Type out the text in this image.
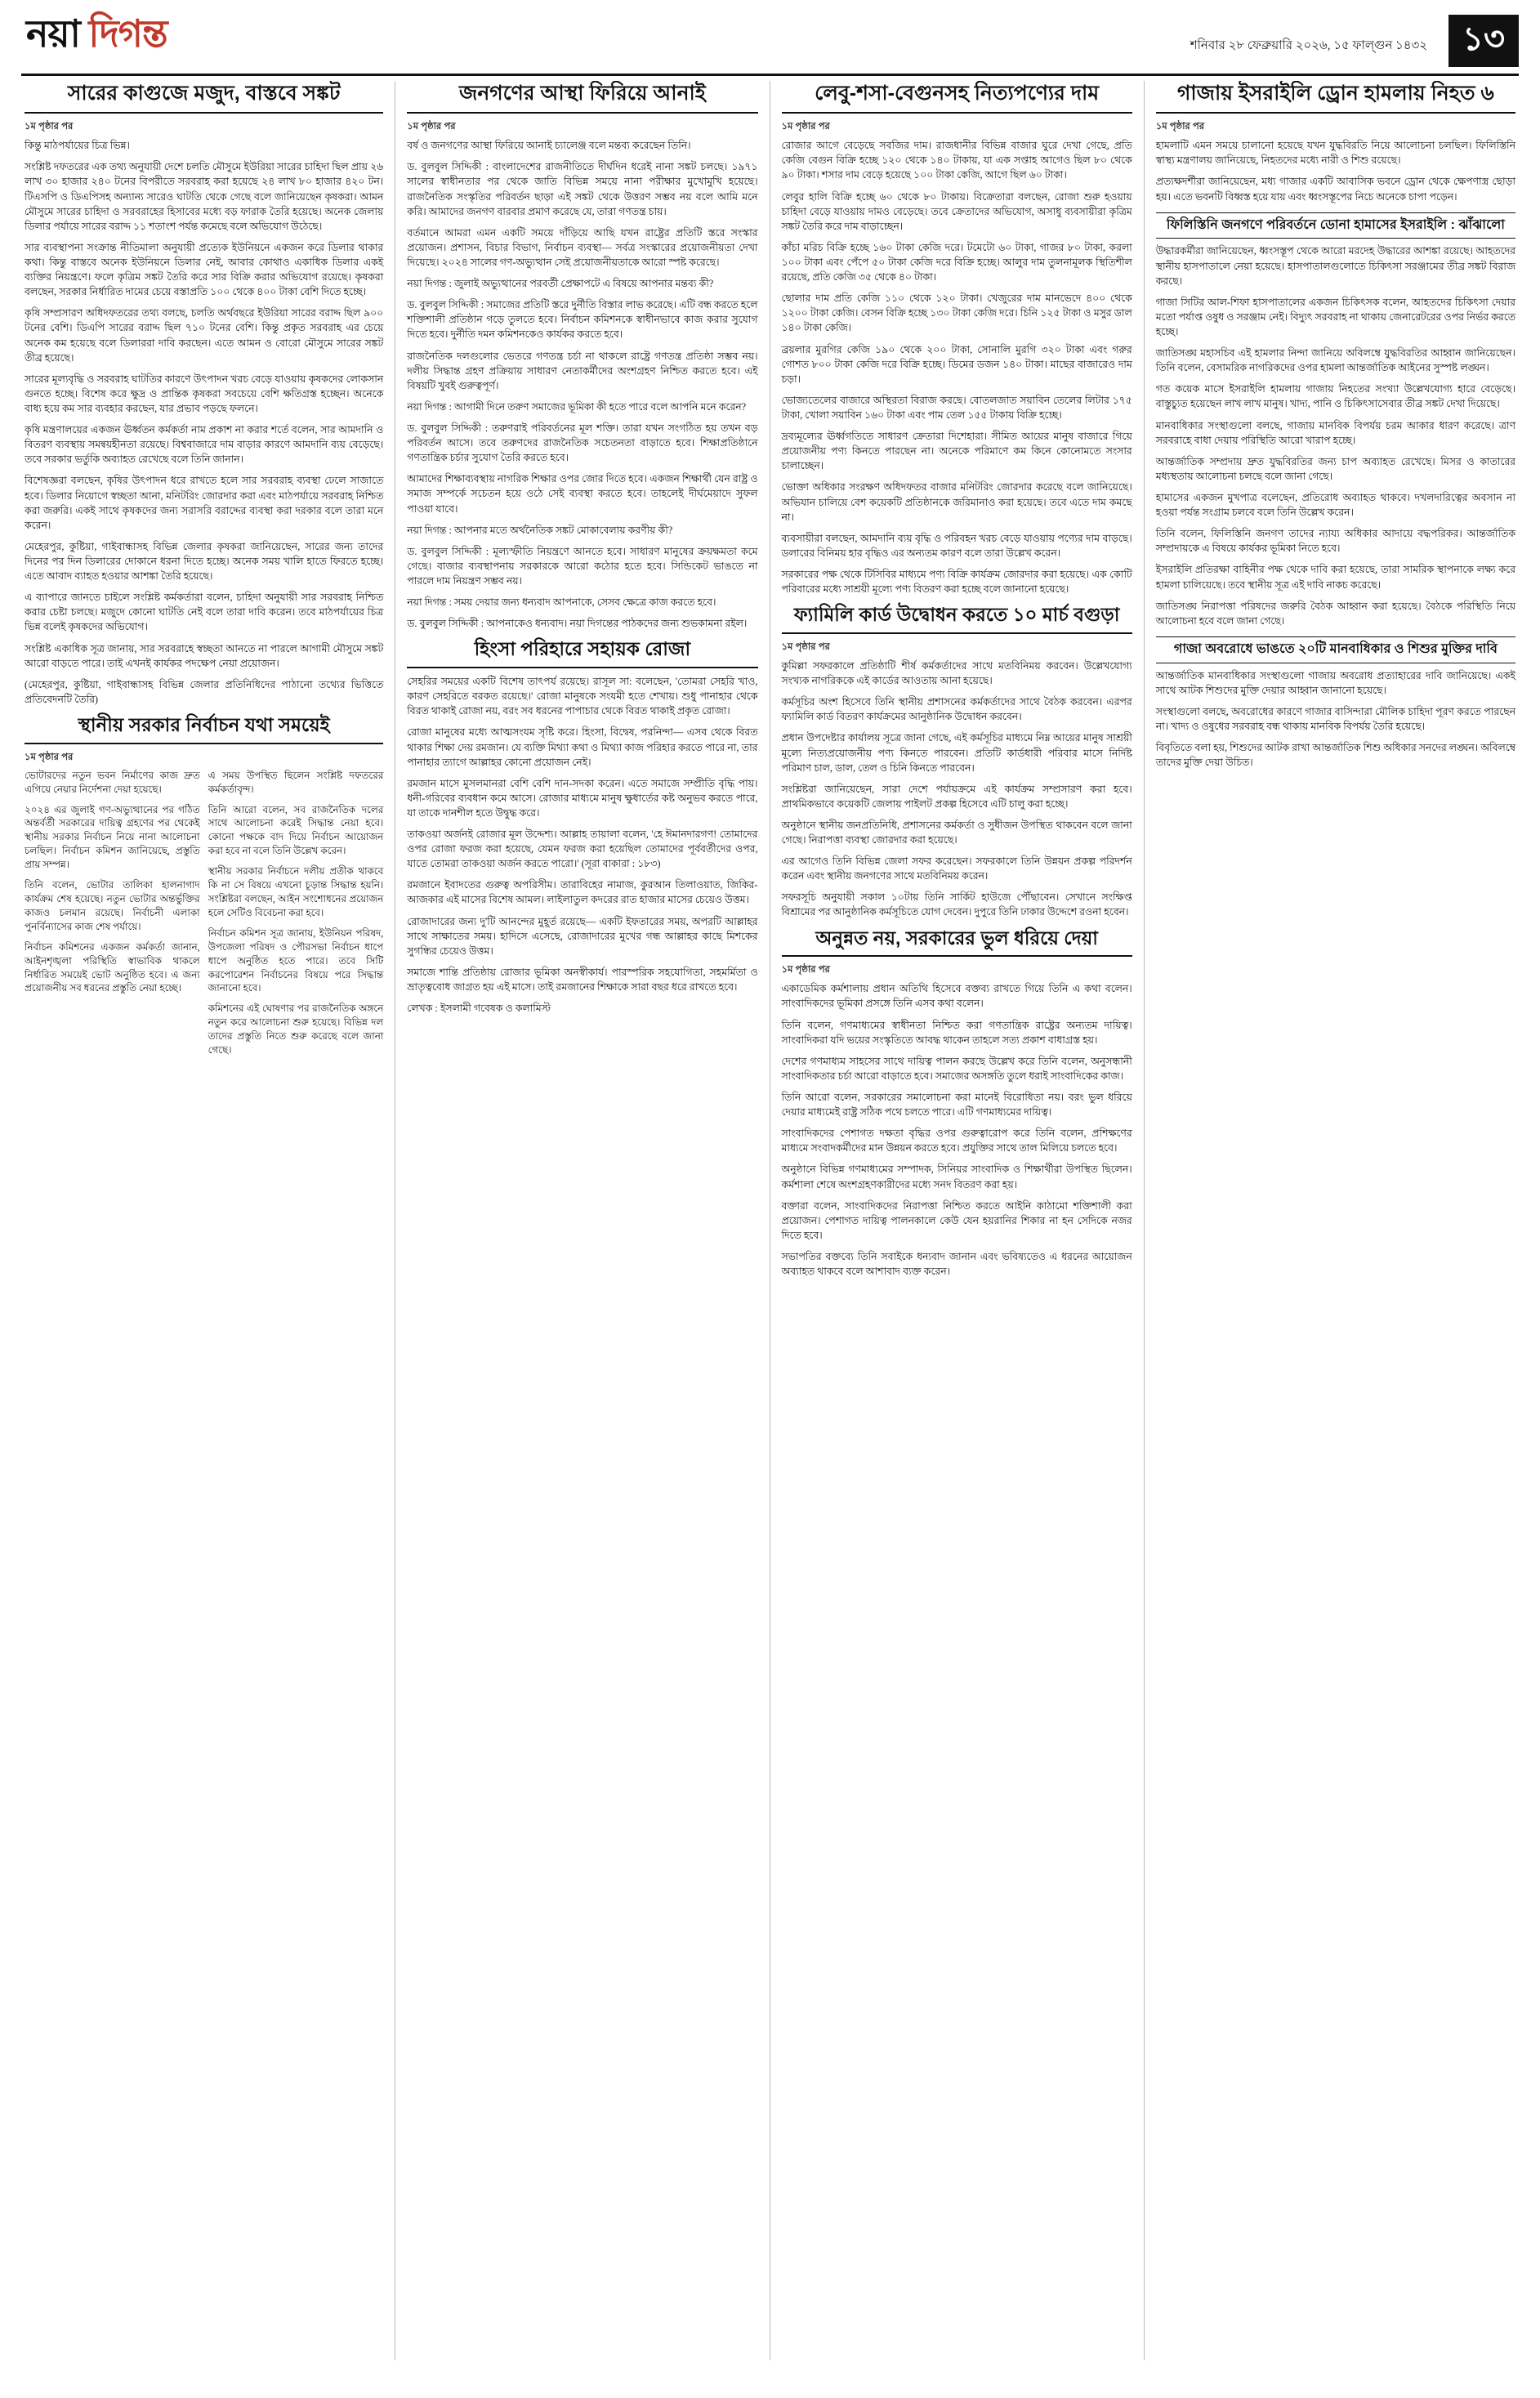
নয়া দিগন্ত	শনিবার ২৮ ফেব্রুয়ারি ২০২৬, ১৫ ফাল্গুন ১৪৩২	১৩
সারের কাগুজে মজুদ, বাস্তবে সঙ্কট

১ম পৃষ্ঠার পর

কিন্তু মাঠপর্যায়ের চিত্র ভিন্ন।

সংশ্লিষ্ট দফতরের এক তথ্য অনুযায়ী দেশে চলতি মৌসুমে ইউরিয়া সারের চাহিদা ছিল প্রায় ২৬ লাখ ৩০ হাজার ২৪০ টনের বিপরীতে সরবরাহ করা হয়েছে ২৪ লাখ ৮০ হাজার ৪২০ টন। টিএসপি ও ডিএপিসহ অন্যান্য সারেও ঘাটতি থেকে গেছে বলে জানিয়েছেন কৃষকরা। আমন মৌসুমে সারের চাহিদা ও সরবরাহের হিসাবের মধ্যে বড় ফারাক তৈরি হয়েছে। অনেক জেলায় ডিলার পর্যায়ে সারের বরাদ্দ ১১ শতাংশ পর্যন্ত কমেছে বলে অভিযোগ উঠেছে।

সার ব্যবস্থাপনা সংক্রান্ত নীতিমালা অনুযায়ী প্রত্যেক ইউনিয়নে একজন করে ডিলার থাকার কথা। কিন্তু বাস্তবে অনেক ইউনিয়নে ডিলার নেই, আবার কোথাও একাধিক ডিলার একই ব্যক্তির নিয়ন্ত্রণে। ফলে কৃত্রিম সঙ্কট তৈরি করে সার বিক্রি করার অভিযোগ রয়েছে। কৃষকরা বলছেন, সরকার নির্ধারিত দামের চেয়ে বস্তাপ্রতি ১০০ থেকে ৪০০ টাকা বেশি দিতে হচ্ছে।

কৃষি সম্প্রসারণ অধিদফতরের তথ্য বলছে, চলতি অর্থবছরে ইউরিয়া সারের বরাদ্দ ছিল ৯০০ টনের বেশি। ডিএপি সারের বরাদ্দ ছিল ৭১০ টনের বেশি। কিন্তু প্রকৃত সরবরাহ এর চেয়ে অনেক কম হয়েছে বলে ডিলাররা দাবি করছেন। এতে আমন ও বোরো মৌসুমে সারের সঙ্কট তীব্র হয়েছে।

সারের মূল্যবৃদ্ধি ও সরবরাহ ঘাটতির কারণে উৎপাদন খরচ বেড়ে যাওয়ায় কৃষকদের লোকসান গুনতে হচ্ছে। বিশেষ করে ক্ষুদ্র ও প্রান্তিক কৃষকরা সবচেয়ে বেশি ক্ষতিগ্রস্ত হচ্ছেন। অনেকে বাধ্য হয়ে কম সার ব্যবহার করছেন, যার প্রভাব পড়ছে ফলনে।

কৃষি মন্ত্রণালয়ের একজন ঊর্ধ্বতন কর্মকর্তা নাম প্রকাশ না করার শর্তে বলেন, সার আমদানি ও বিতরণ ব্যবস্থায় সমন্বয়হীনতা রয়েছে। বিশ্ববাজারে দাম বাড়ার কারণে আমদানি ব্যয় বেড়েছে। তবে সরকার ভর্তুকি অব্যাহত রেখেছে বলে তিনি জানান।

বিশেষজ্ঞরা বলছেন, কৃষির উৎপাদন ধরে রাখতে হলে সার সরবরাহ ব্যবস্থা ঢেলে সাজাতে হবে। ডিলার নিয়োগে স্বচ্ছতা আনা, মনিটরিং জোরদার করা এবং মাঠপর্যায়ে সরবরাহ নিশ্চিত করা জরুরি। একই সাথে কৃষকদের জন্য সরাসরি বরাদ্দের ব্যবস্থা করা দরকার বলে তারা মনে করেন।

মেহেরপুর, কুষ্টিয়া, গাইবান্ধাসহ বিভিন্ন জেলার কৃষকরা জানিয়েছেন, সারের জন্য তাদের দিনের পর দিন ডিলারের দোকানে ধরনা দিতে হচ্ছে। অনেক সময় খালি হাতে ফিরতে হচ্ছে। এতে আবাদ ব্যাহত হওয়ার আশঙ্কা তৈরি হয়েছে।

এ ব্যাপারে জানতে চাইলে সংশ্লিষ্ট কর্মকর্তারা বলেন, চাহিদা অনুযায়ী সার সরবরাহ নিশ্চিত করার চেষ্টা চলছে। মজুদে কোনো ঘাটতি নেই বলে তারা দাবি করেন। তবে মাঠপর্যায়ের চিত্র ভিন্ন বলেই কৃষকদের অভিযোগ।

সংশ্লিষ্ট একাধিক সূত্র জানায়, সার সরবরাহে স্বচ্ছতা আনতে না পারলে আগামী মৌসুমে সঙ্কট আরো বাড়তে পারে। তাই এখনই কার্যকর পদক্ষেপ নেয়া প্রয়োজন।

(মেহেরপুর, কুষ্টিয়া, গাইবান্ধাসহ বিভিন্ন জেলার প্রতিনিধিদের পাঠানো তথ্যের ভিত্তিতে প্রতিবেদনটি তৈরি)

স্থানীয় সরকার নির্বাচন যথা সময়েই

১ম পৃষ্ঠার পর

ভোটারদের নতুন ভবন নির্মাণের কাজ দ্রুত এগিয়ে নেয়ার নির্দেশনা দেয়া হয়েছে।

২০২৪ এর জুলাই গণ-অভ্যুত্থানের পর গঠিত অন্তর্বর্তী সরকারের দায়িত্ব গ্রহণের পর থেকেই স্থানীয় সরকার নির্বাচন নিয়ে নানা আলোচনা চলছিল। নির্বাচন কমিশন জানিয়েছে, প্রস্তুতি প্রায় সম্পন্ন।

তিনি বলেন, ভোটার তালিকা হালনাগাদ কার্যক্রম শেষ হয়েছে। নতুন ভোটার অন্তর্ভুক্তির কাজও চলমান রয়েছে। নির্বাচনী এলাকা পুনর্বিন্যাসের কাজ শেষ পর্যায়ে।

নির্বাচন কমিশনের একজন কর্মকর্তা জানান, আইনশৃঙ্খলা পরিস্থিতি স্বাভাবিক থাকলে নির্ধারিত সময়েই ভোট অনুষ্ঠিত হবে। এ জন্য প্রয়োজনীয় সব ধরনের প্রস্তুতি নেয়া হচ্ছে।

এ সময় উপস্থিত ছিলেন সংশ্লিষ্ট দফতরের কর্মকর্তাবৃন্দ।

তিনি আরো বলেন, সব রাজনৈতিক দলের সাথে আলোচনা করেই সিদ্ধান্ত নেয়া হবে। কোনো পক্ষকে বাদ দিয়ে নির্বাচন আয়োজন করা হবে না বলে তিনি উল্লেখ করেন।

স্থানীয় সরকার নির্বাচনে দলীয় প্রতীক থাকবে কি না সে বিষয়ে এখনো চূড়ান্ত সিদ্ধান্ত হয়নি। সংশ্লিষ্টরা বলছেন, আইন সংশোধনের প্রয়োজন হলে সেটিও বিবেচনা করা হবে।

নির্বাচন কমিশন সূত্র জানায়, ইউনিয়ন পরিষদ, উপজেলা পরিষদ ও পৌরসভা নির্বাচন ধাপে ধাপে অনুষ্ঠিত হতে পারে। তবে সিটি করপোরেশন নির্বাচনের বিষয়ে পরে সিদ্ধান্ত জানানো হবে।

কমিশনের এই ঘোষণার পর রাজনৈতিক অঙ্গনে নতুন করে আলোচনা শুরু হয়েছে। বিভিন্ন দল তাদের প্রস্তুতি নিতে শুরু করেছে বলে জানা গেছে।

জনগণের আস্থা ফিরিয়ে আনাই

১ম পৃষ্ঠার পর

বর্ষ ও জনগণের আস্থা ফিরিয়ে আনাই চ্যালেঞ্জ বলে মন্তব্য করেছেন তিনি।

ড. বুলবুল সিদ্দিকী : বাংলাদেশের রাজনীতিতে দীর্ঘদিন ধরেই নানা সঙ্কট চলছে। ১৯৭১ সালের স্বাধীনতার পর থেকে জাতি বিভিন্ন সময়ে নানা পরীক্ষার মুখোমুখি হয়েছে। রাজনৈতিক সংস্কৃতির পরিবর্তন ছাড়া এই সঙ্কট থেকে উত্তরণ সম্ভব নয় বলে আমি মনে করি। আমাদের জনগণ বারবার প্রমাণ করেছে যে, তারা গণতন্ত্র চায়।

বর্তমানে আমরা এমন একটি সময়ে দাঁড়িয়ে আছি যখন রাষ্ট্রের প্রতিটি স্তরে সংস্কার প্রয়োজন। প্রশাসন, বিচার বিভাগ, নির্বাচন ব্যবস্থা— সর্বত্র সংস্কারের প্রয়োজনীয়তা দেখা দিয়েছে। ২০২৪ সালের গণ-অভ্যুত্থান সেই প্রয়োজনীয়তাকে আরো স্পষ্ট করেছে।

নয়া দিগন্ত : জুলাই অভ্যুত্থানের পরবর্তী প্রেক্ষাপটে এ বিষয়ে আপনার মন্তব্য কী?

ড. বুলবুল সিদ্দিকী : সমাজের প্রতিটি স্তরে দুর্নীতি বিস্তার লাভ করেছে। এটি বন্ধ করতে হলে শক্তিশালী প্রতিষ্ঠান গড়ে তুলতে হবে। নির্বাচন কমিশনকে স্বাধীনভাবে কাজ করার সুযোগ দিতে হবে। দুর্নীতি দমন কমিশনকেও কার্যকর করতে হবে।

রাজনৈতিক দলগুলোর ভেতরে গণতন্ত্র চর্চা না থাকলে রাষ্ট্রে গণতন্ত্র প্রতিষ্ঠা সম্ভব নয়। দলীয় সিদ্ধান্ত গ্রহণ প্রক্রিয়ায় সাধারণ নেতাকর্মীদের অংশগ্রহণ নিশ্চিত করতে হবে। এই বিষয়টি খুবই গুরুত্বপূর্ণ।

নয়া দিগন্ত : আগামী দিনে তরুণ সমাজের ভূমিকা কী হতে পারে বলে আপনি মনে করেন?

ড. বুলবুল সিদ্দিকী : তরুণরাই পরিবর্তনের মূল শক্তি। তারা যখন সংগঠিত হয় তখন বড় পরিবর্তন আসে। তবে তরুণদের রাজনৈতিক সচেতনতা বাড়াতে হবে। শিক্ষাপ্রতিষ্ঠানে গণতান্ত্রিক চর্চার সুযোগ তৈরি করতে হবে।

আমাদের শিক্ষাব্যবস্থায় নাগরিক শিক্ষার ওপর জোর দিতে হবে। একজন শিক্ষার্থী যেন রাষ্ট্র ও সমাজ সম্পর্কে সচেতন হয়ে ওঠে সেই ব্যবস্থা করতে হবে। তাহলেই দীর্ঘমেয়াদে সুফল পাওয়া যাবে।

নয়া দিগন্ত : আপনার মতে অর্থনৈতিক সঙ্কট মোকাবেলায় করণীয় কী?

ড. বুলবুল সিদ্দিকী : মূল্যস্ফীতি নিয়ন্ত্রণে আনতে হবে। সাধারণ মানুষের ক্রয়ক্ষমতা কমে গেছে। বাজার ব্যবস্থাপনায় সরকারকে আরো কঠোর হতে হবে। সিন্ডিকেট ভাঙতে না পারলে দাম নিয়ন্ত্রণ সম্ভব নয়।

নয়া দিগন্ত : সময় দেয়ার জন্য ধন্যবাদ আপনাকে, সেসব ক্ষেত্রে কাজ করতে হবে।

ড. বুলবুল সিদ্দিকী : আপনাকেও ধন্যবাদ। নয়া দিগন্তের পাঠকদের জন্য শুভকামনা রইল।

হিংসা পরিহারে সহায়ক রোজা

সেহরির সময়ের একটি বিশেষ তাৎপর্য রয়েছে। রাসূল সা: বলেছেন, 'তোমরা সেহরি খাও, কারণ সেহরিতে বরকত রয়েছে।' রোজা মানুষকে সংযমী হতে শেখায়। শুধু পানাহার থেকে বিরত থাকাই রোজা নয়, বরং সব ধরনের পাপাচার থেকে বিরত থাকাই প্রকৃত রোজা।

রোজা মানুষের মধ্যে আত্মসংযম সৃষ্টি করে। হিংসা, বিদ্বেষ, পরনিন্দা— এসব থেকে বিরত থাকার শিক্ষা দেয় রমজান। যে ব্যক্তি মিথ্যা কথা ও মিথ্যা কাজ পরিহার করতে পারে না, তার পানাহার ত্যাগে আল্লাহর কোনো প্রয়োজন নেই।

রমজান মাসে মুসলমানরা বেশি বেশি দান-সদকা করেন। এতে সমাজে সম্প্রীতি বৃদ্ধি পায়। ধনী-গরিবের ব্যবধান কমে আসে। রোজার মাধ্যমে মানুষ ক্ষুধার্তের কষ্ট অনুভব করতে পারে, যা তাকে দানশীল হতে উদ্বুদ্ধ করে।

তাকওয়া অর্জনই রোজার মূল উদ্দেশ্য। আল্লাহ তায়ালা বলেন, 'হে ঈমানদারগণ! তোমাদের ওপর রোজা ফরজ করা হয়েছে, যেমন ফরজ করা হয়েছিল তোমাদের পূর্ববর্তীদের ওপর, যাতে তোমরা তাকওয়া অর্জন করতে পারো।' (সূরা বাকারা : ১৮৩)

রমজানে ইবাদতের গুরুত্ব অপরিসীম। তারাবিহের নামাজ, কুরআন তিলাওয়াত, জিকির-আজকার এই মাসের বিশেষ আমল। লাইলাতুল কদরের রাত হাজার মাসের চেয়েও উত্তম।

রোজাদারের জন্য দু'টি আনন্দের মুহূর্ত রয়েছে— একটি ইফতারের সময়, অপরটি আল্লাহর সাথে সাক্ষাতের সময়। হাদিসে এসেছে, রোজাদারের মুখের গন্ধ আল্লাহর কাছে মিশকের সুগন্ধির চেয়েও উত্তম।

সমাজে শান্তি প্রতিষ্ঠায় রোজার ভূমিকা অনস্বীকার্য। পারস্পরিক সহযোগিতা, সহমর্মিতা ও ভ্রাতৃত্ববোধ জাগ্রত হয় এই মাসে। তাই রমজানের শিক্ষাকে সারা বছর ধরে রাখতে হবে।

লেখক : ইসলামী গবেষক ও কলামিস্ট

লেবু-শসা-বেগুনসহ নিত্যপণ্যের দাম

১ম পৃষ্ঠার পর

রোজার আগে বেড়েছে সবজির দাম। রাজধানীর বিভিন্ন বাজার ঘুরে দেখা গেছে, প্রতি কেজি বেগুন বিক্রি হচ্ছে ১২০ থেকে ১৪০ টাকায়, যা এক সপ্তাহ আগেও ছিল ৮০ থেকে ৯০ টাকা। শসার দাম বেড়ে হয়েছে ১০০ টাকা কেজি, আগে ছিল ৬০ টাকা।

লেবুর হালি বিক্রি হচ্ছে ৬০ থেকে ৮০ টাকায়। বিক্রেতারা বলছেন, রোজা শুরু হওয়ায় চাহিদা বেড়ে যাওয়ায় দামও বেড়েছে। তবে ক্রেতাদের অভিযোগ, অসাধু ব্যবসায়ীরা কৃত্রিম সঙ্কট তৈরি করে দাম বাড়াচ্ছেন।

কাঁচা মরিচ বিক্রি হচ্ছে ১৬০ টাকা কেজি দরে। টমেটো ৬০ টাকা, গাজর ৮০ টাকা, করলা ১০০ টাকা এবং পেঁপে ৫০ টাকা কেজি দরে বিক্রি হচ্ছে। আলুর দাম তুলনামূলক স্থিতিশীল রয়েছে, প্রতি কেজি ৩৫ থেকে ৪০ টাকা।

ছোলার দাম প্রতি কেজি ১১০ থেকে ১২০ টাকা। খেজুরের দাম মানভেদে ৪০০ থেকে ১২০০ টাকা কেজি। বেসন বিক্রি হচ্ছে ১৩০ টাকা কেজি দরে। চিনি ১২৫ টাকা ও মসুর ডাল ১৪০ টাকা কেজি।

ব্রয়লার মুরগির কেজি ১৯০ থেকে ২০০ টাকা, সোনালি মুরগি ৩২০ টাকা এবং গরুর গোশত ৮০০ টাকা কেজি দরে বিক্রি হচ্ছে। ডিমের ডজন ১৪০ টাকা। মাছের বাজারেও দাম চড়া।

ভোজ্যতেলের বাজারে অস্থিরতা বিরাজ করছে। বোতলজাত সয়াবিন তেলের লিটার ১৭৫ টাকা, খোলা সয়াবিন ১৬০ টাকা এবং পাম তেল ১৫৫ টাকায় বিক্রি হচ্ছে।

দ্রব্যমূল্যের ঊর্ধ্বগতিতে সাধারণ ক্রেতারা দিশেহারা। সীমিত আয়ের মানুষ বাজারে গিয়ে প্রয়োজনীয় পণ্য কিনতে পারছেন না। অনেকে পরিমাণে কম কিনে কোনোমতে সংসার চালাচ্ছেন।

ভোক্তা অধিকার সংরক্ষণ অধিদফতর বাজার মনিটরিং জোরদার করেছে বলে জানিয়েছে। অভিযান চালিয়ে বেশ কয়েকটি প্রতিষ্ঠানকে জরিমানাও করা হয়েছে। তবে এতে দাম কমছে না।

ব্যবসায়ীরা বলছেন, আমদানি ব্যয় বৃদ্ধি ও পরিবহন খরচ বেড়ে যাওয়ায় পণ্যের দাম বাড়ছে। ডলারের বিনিময় হার বৃদ্ধিও এর অন্যতম কারণ বলে তারা উল্লেখ করেন।

সরকারের পক্ষ থেকে টিসিবির মাধ্যমে পণ্য বিক্রি কার্যক্রম জোরদার করা হয়েছে। এক কোটি পরিবারের মধ্যে সাশ্রয়ী মূল্যে পণ্য বিতরণ করা হচ্ছে বলে জানানো হয়েছে।

ফ্যামিলি কার্ড উদ্বোধন করতে ১০ মার্চ বগুড়া

১ম পৃষ্ঠার পর

কুমিল্লা সফরকালে প্রতিষ্ঠাটি শীর্ষ কর্মকর্তাদের সাথে মতবিনিময় করবেন। উল্লেখযোগ্য সংখ্যক নাগরিককে এই কার্ডের আওতায় আনা হয়েছে।

কর্মসূচির অংশ হিসেবে তিনি স্থানীয় প্রশাসনের কর্মকর্তাদের সাথে বৈঠক করবেন। এরপর ফ্যামিলি কার্ড বিতরণ কার্যক্রমের আনুষ্ঠানিক উদ্বোধন করবেন।

প্রধান উপদেষ্টার কার্যালয় সূত্রে জানা গেছে, এই কর্মসূচির মাধ্যমে নিম্ন আয়ের মানুষ সাশ্রয়ী মূল্যে নিত্যপ্রয়োজনীয় পণ্য কিনতে পারবেন। প্রতিটি কার্ডধারী পরিবার মাসে নির্দিষ্ট পরিমাণ চাল, ডাল, তেল ও চিনি কিনতে পারবেন।

সংশ্লিষ্টরা জানিয়েছেন, সারা দেশে পর্যায়ক্রমে এই কার্যক্রম সম্প্রসারণ করা হবে। প্রাথমিকভাবে কয়েকটি জেলায় পাইলট প্রকল্প হিসেবে এটি চালু করা হচ্ছে।

অনুষ্ঠানে স্থানীয় জনপ্রতিনিধি, প্রশাসনের কর্মকর্তা ও সুধীজন উপস্থিত থাকবেন বলে জানা গেছে। নিরাপত্তা ব্যবস্থা জোরদার করা হয়েছে।

এর আগেও তিনি বিভিন্ন জেলা সফর করেছেন। সফরকালে তিনি উন্নয়ন প্রকল্প পরিদর্শন করেন এবং স্থানীয় জনগণের সাথে মতবিনিময় করেন।

সফরসূচি অনুযায়ী সকাল ১০টায় তিনি সার্কিট হাউজে পৌঁছাবেন। সেখানে সংক্ষিপ্ত বিশ্রামের পর আনুষ্ঠানিক কর্মসূচিতে যোগ দেবেন। দুপুরে তিনি ঢাকার উদ্দেশে রওনা হবেন।

অনুন্নত নয়, সরকারের ভুল ধরিয়ে দেয়া

১ম পৃষ্ঠার পর

একাডেমিক কর্মশালায় প্রধান অতিথি হিসেবে বক্তব্য রাখতে গিয়ে তিনি এ কথা বলেন। সাংবাদিকদের ভূমিকা প্রসঙ্গে তিনি এসব কথা বলেন।

তিনি বলেন, গণমাধ্যমের স্বাধীনতা নিশ্চিত করা গণতান্ত্রিক রাষ্ট্রের অন্যতম দায়িত্ব। সাংবাদিকরা যদি ভয়ের সংস্কৃতিতে আবদ্ধ থাকেন তাহলে সত্য প্রকাশ বাধাগ্রস্ত হয়।

দেশের গণমাধ্যম সাহসের সাথে দায়িত্ব পালন করছে উল্লেখ করে তিনি বলেন, অনুসন্ধানী সাংবাদিকতার চর্চা আরো বাড়াতে হবে। সমাজের অসঙ্গতি তুলে ধরাই সাংবাদিকের কাজ।

তিনি আরো বলেন, সরকারের সমালোচনা করা মানেই বিরোধিতা নয়। বরং ভুল ধরিয়ে দেয়ার মাধ্যমেই রাষ্ট্র সঠিক পথে চলতে পারে। এটি গণমাধ্যমের দায়িত্ব।

সাংবাদিকদের পেশাগত দক্ষতা বৃদ্ধির ওপর গুরুত্বারোপ করে তিনি বলেন, প্রশিক্ষণের মাধ্যমে সংবাদকর্মীদের মান উন্নয়ন করতে হবে। প্রযুক্তির সাথে তাল মিলিয়ে চলতে হবে।

অনুষ্ঠানে বিভিন্ন গণমাধ্যমের সম্পাদক, সিনিয়র সাংবাদিক ও শিক্ষার্থীরা উপস্থিত ছিলেন। কর্মশালা শেষে অংশগ্রহণকারীদের মধ্যে সনদ বিতরণ করা হয়।

বক্তারা বলেন, সাংবাদিকদের নিরাপত্তা নিশ্চিত করতে আইনি কাঠামো শক্তিশালী করা প্রয়োজন। পেশাগত দায়িত্ব পালনকালে কেউ যেন হয়রানির শিকার না হন সেদিকে নজর দিতে হবে।

সভাপতির বক্তব্যে তিনি সবাইকে ধন্যবাদ জানান এবং ভবিষ্যতেও এ ধরনের আয়োজন অব্যাহত থাকবে বলে আশাবাদ ব্যক্ত করেন।

গাজায় ইসরাইলি ড্রোন হামলায় নিহত ৬

১ম পৃষ্ঠার পর

হামলাটি এমন সময়ে চালানো হয়েছে যখন যুদ্ধবিরতি নিয়ে আলোচনা চলছিল। ফিলিস্তিনি স্বাস্থ্য মন্ত্রণালয় জানিয়েছে, নিহতদের মধ্যে নারী ও শিশু রয়েছে।

প্রত্যক্ষদর্শীরা জানিয়েছেন, মধ্য গাজার একটি আবাসিক ভবনে ড্রোন থেকে ক্ষেপণাস্ত্র ছোড়া হয়। এতে ভবনটি বিধ্বস্ত হয়ে যায় এবং ধ্বংসস্তূপের নিচে অনেকে চাপা পড়েন।

ফিলিস্তিনি জনগণে পরিবর্তনে ডোনা হামাসের ইসরাইলি : ঝাঁঝালো

উদ্ধারকর্মীরা জানিয়েছেন, ধ্বংসস্তূপ থেকে আরো মরদেহ উদ্ধারের আশঙ্কা রয়েছে। আহতদের স্থানীয় হাসপাতালে নেয়া হয়েছে। হাসপাতালগুলোতে চিকিৎসা সরঞ্জামের তীব্র সঙ্কট বিরাজ করছে।

গাজা সিটির আল-শিফা হাসপাতালের একজন চিকিৎসক বলেন, আহতদের চিকিৎসা দেয়ার মতো পর্যাপ্ত ওষুধ ও সরঞ্জাম নেই। বিদ্যুৎ সরবরাহ না থাকায় জেনারেটরের ওপর নির্ভর করতে হচ্ছে।

জাতিসঙ্ঘ মহাসচিব এই হামলার নিন্দা জানিয়ে অবিলম্বে যুদ্ধবিরতির আহ্বান জানিয়েছেন। তিনি বলেন, বেসামরিক নাগরিকদের ওপর হামলা আন্তর্জাতিক আইনের সুস্পষ্ট লঙ্ঘন।

গত কয়েক মাসে ইসরাইলি হামলায় গাজায় নিহতের সংখ্যা উল্লেখযোগ্য হারে বেড়েছে। বাস্তুচ্যুত হয়েছেন লাখ লাখ মানুষ। খাদ্য, পানি ও চিকিৎসাসেবার তীব্র সঙ্কট দেখা দিয়েছে।

মানবাধিকার সংস্থাগুলো বলছে, গাজায় মানবিক বিপর্যয় চরম আকার ধারণ করেছে। ত্রাণ সরবরাহে বাধা দেয়ায় পরিস্থিতি আরো খারাপ হচ্ছে।

আন্তর্জাতিক সম্প্রদায় দ্রুত যুদ্ধবিরতির জন্য চাপ অব্যাহত রেখেছে। মিসর ও কাতারের মধ্যস্থতায় আলোচনা চলছে বলে জানা গেছে।

হামাসের একজন মুখপাত্র বলেছেন, প্রতিরোধ অব্যাহত থাকবে। দখলদারিত্বের অবসান না হওয়া পর্যন্ত সংগ্রাম চলবে বলে তিনি উল্লেখ করেন।

তিনি বলেন, ফিলিস্তিনি জনগণ তাদের ন্যায্য অধিকার আদায়ে বদ্ধপরিকর। আন্তর্জাতিক সম্প্রদায়কে এ বিষয়ে কার্যকর ভূমিকা নিতে হবে।

ইসরাইলি প্রতিরক্ষা বাহিনীর পক্ষ থেকে দাবি করা হয়েছে, তারা সামরিক স্থাপনাকে লক্ষ্য করে হামলা চালিয়েছে। তবে স্থানীয় সূত্র এই দাবি নাকচ করেছে।

জাতিসঙ্ঘ নিরাপত্তা পরিষদের জরুরি বৈঠক আহ্বান করা হয়েছে। বৈঠকে পরিস্থিতি নিয়ে আলোচনা হবে বলে জানা গেছে।

গাজা অবরোধে ভাঙতে ২০টি মানবাধিকার ও শিশুর মুক্তির দাবি

আন্তর্জাতিক মানবাধিকার সংস্থাগুলো গাজায় অবরোধ প্রত্যাহারের দাবি জানিয়েছে। একই সাথে আটক শিশুদের মুক্তি দেয়ার আহ্বান জানানো হয়েছে।

সংস্থাগুলো বলছে, অবরোধের কারণে গাজার বাসিন্দারা মৌলিক চাহিদা পূরণ করতে পারছেন না। খাদ্য ও ওষুধের সরবরাহ বন্ধ থাকায় মানবিক বিপর্যয় তৈরি হয়েছে।

বিবৃতিতে বলা হয়, শিশুদের আটক রাখা আন্তর্জাতিক শিশু অধিকার সনদের লঙ্ঘন। অবিলম্বে তাদের মুক্তি দেয়া উচিত।
